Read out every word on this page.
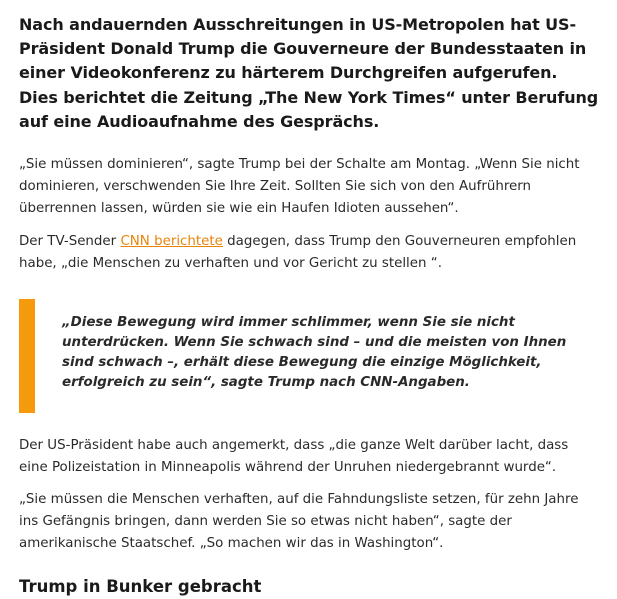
Nach andauernden Ausschreitungen in US-Metropolen hat US-Präsident Donald Trump die Gouverneure der Bundesstaaten in einer Videokonferenz zu härterem Durchgreifen aufgerufen. Dies berichtet die Zeitung „The New York Times“ unter Berufung auf eine Audioaufnahme des Gesprächs.

„Sie müssen dominieren“, sagte Trump bei der Schalte am Montag. „Wenn Sie nicht dominieren, verschwenden Sie Ihre Zeit. Sollten Sie sich von den Aufrührern überrennen lassen, würden sie wie ein Haufen Idioten aussehen“.

Der TV-Sender CNN berichtete dagegen, dass Trump den Gouverneuren empfohlen habe, „die Menschen zu verhaften und vor Gericht zu stellen “.

„Diese Bewegung wird immer schlimmer, wenn Sie sie nicht unterdrücken. Wenn Sie schwach sind – und die meisten von Ihnen sind schwach –, erhält diese Bewegung die einzige Möglichkeit, erfolgreich zu sein“, sagte Trump nach CNN-Angaben.

Der US-Präsident habe auch angemerkt, dass „die ganze Welt darüber lacht, dass eine Polizeistation in Minneapolis während der Unruhen niedergebrannt wurde“.

„Sie müssen die Menschen verhaften, auf die Fahndungsliste setzen, für zehn Jahre ins Gefängnis bringen, dann werden Sie so etwas nicht haben“, sagte der amerikanische Staatschef. „So machen wir das in Washington“.

Trump in Bunker gebracht
